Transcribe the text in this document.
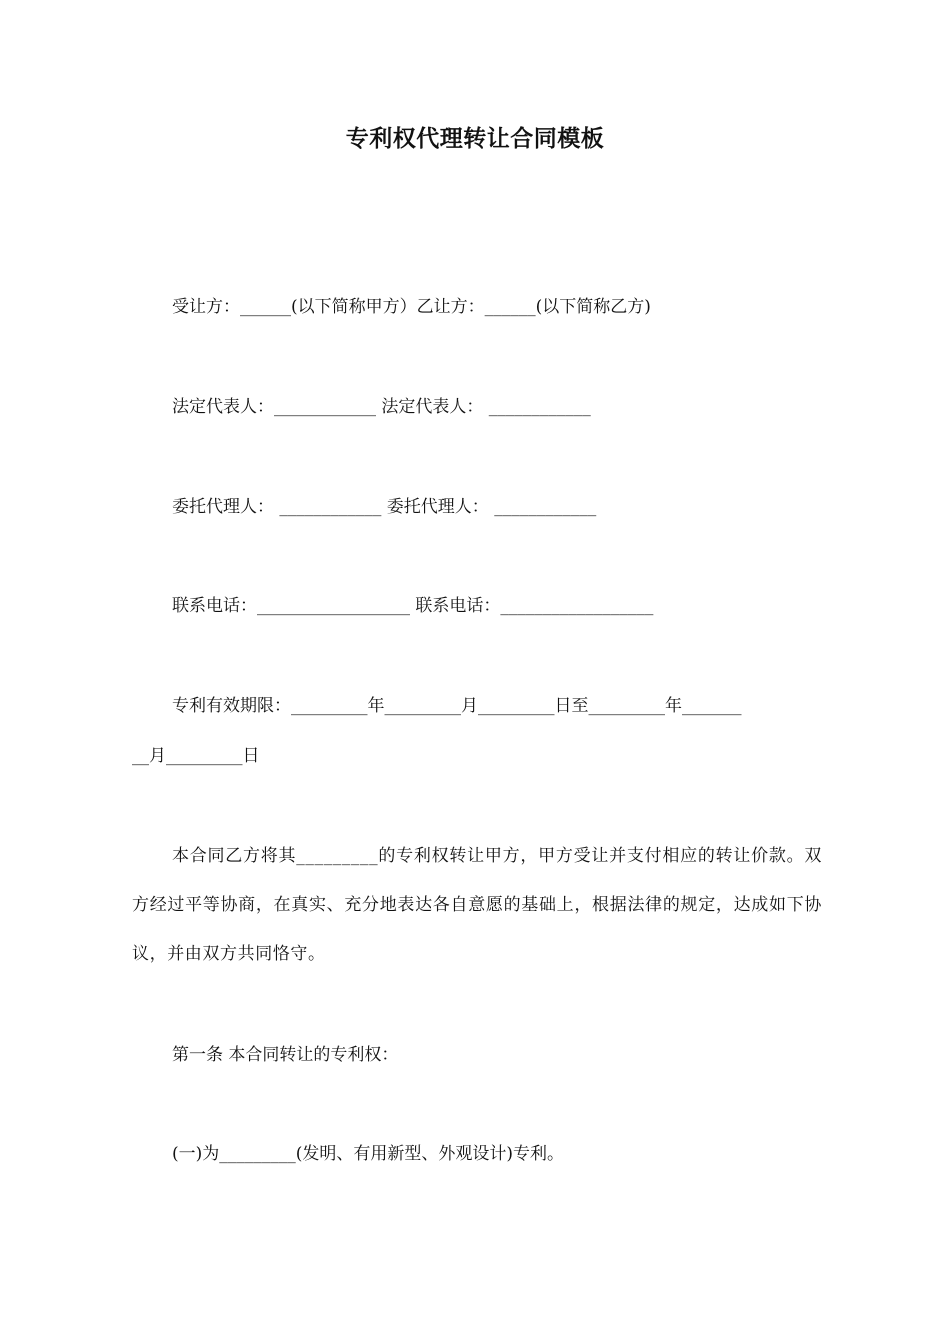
专利权代理转让合同模板
受让方：______(以下简称甲方）乙让方：______(以下简称乙方)
法定代表人：____________ 法定代表人： ____________
委托代理人： ____________ 委托代理人： ____________
联系电话：__________________ 联系电话：__________________
专利有效期限：_________年_________月_________日至_________年_______
__月_________日
本合同乙方将其_________的专利权转让甲方，甲方受让并支付相应的转让价款。双方经过平等协商，在真实、充分地表达各自意愿的基础上，根据法律的规定，达成如下协议，并由双方共同恪守。
第一条 本合同转让的专利权：
(一)为_________(发明、有用新型、外观设计)专利。
